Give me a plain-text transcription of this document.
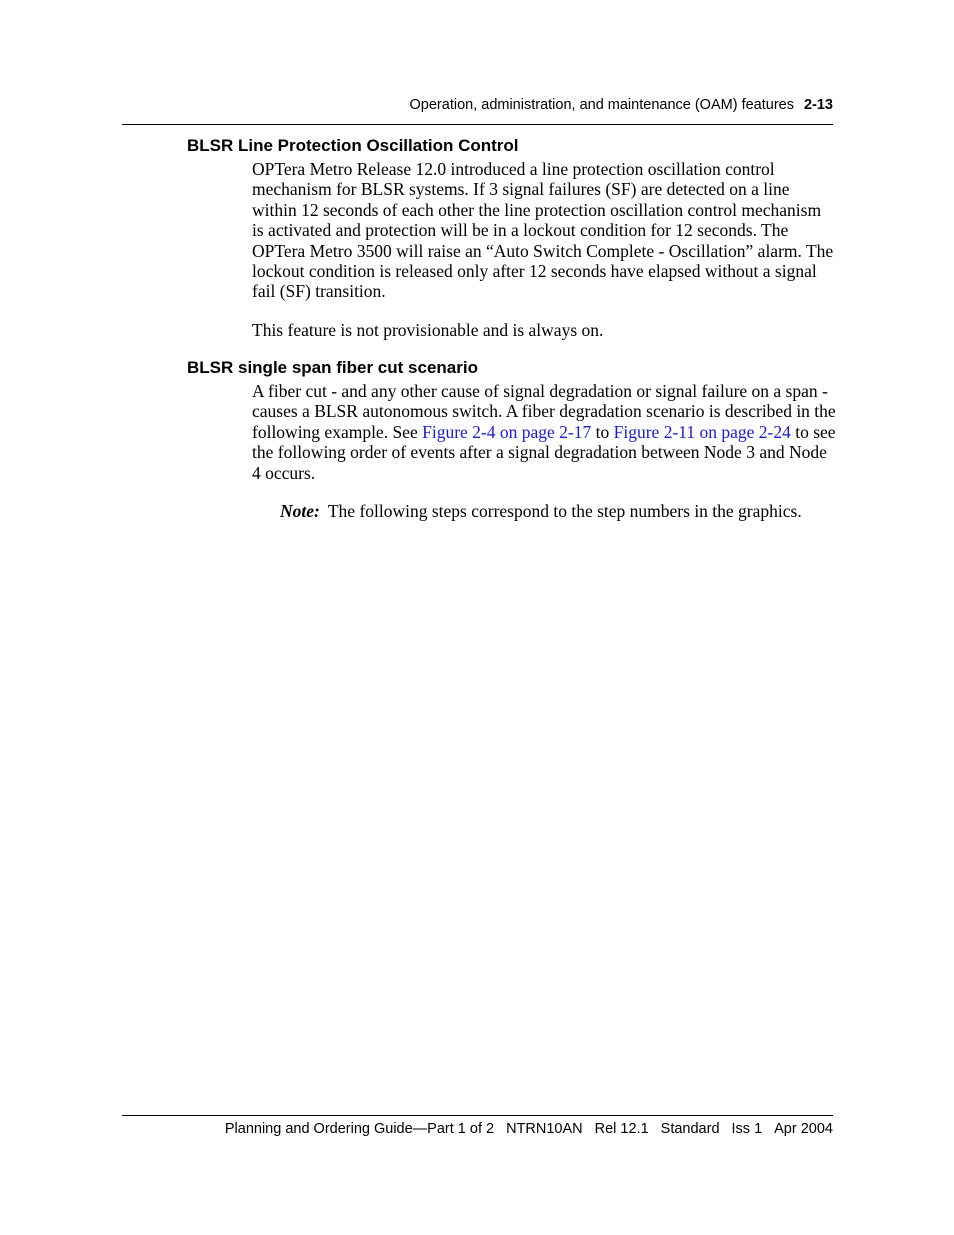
Operation, administration, and maintenance (OAM) features 2-13
BLSR Line Protection Oscillation Control

OPTera Metro Release 12.0 introduced a line protection oscillation control mechanism for BLSR systems. If 3 signal failures (SF) are detected on a line within 12 seconds of each other the line protection oscillation control mechanism is activated and protection will be in a lockout condition for 12 seconds. The OPTera Metro 3500 will raise an “Auto Switch Complete - Oscillation” alarm. The lockout condition is released only after 12 seconds have elapsed without a signal fail (SF) transition.

This feature is not provisionable and is always on.

BLSR single span fiber cut scenario

A fiber cut - and any other cause of signal degradation or signal failure on a span - causes a BLSR autonomous switch. A fiber degradation scenario is described in the following example. See Figure 2-4 on page 2-17 to Figure 2-11 on page 2-24 to see the following order of events after a signal degradation between Node 3 and Node 4 occurs.

Note: The following steps correspond to the step numbers in the graphics.
Planning and Ordering Guide—Part 1 of 2 NTRN10AN Rel 12.1 Standard Iss 1 Apr 2004
